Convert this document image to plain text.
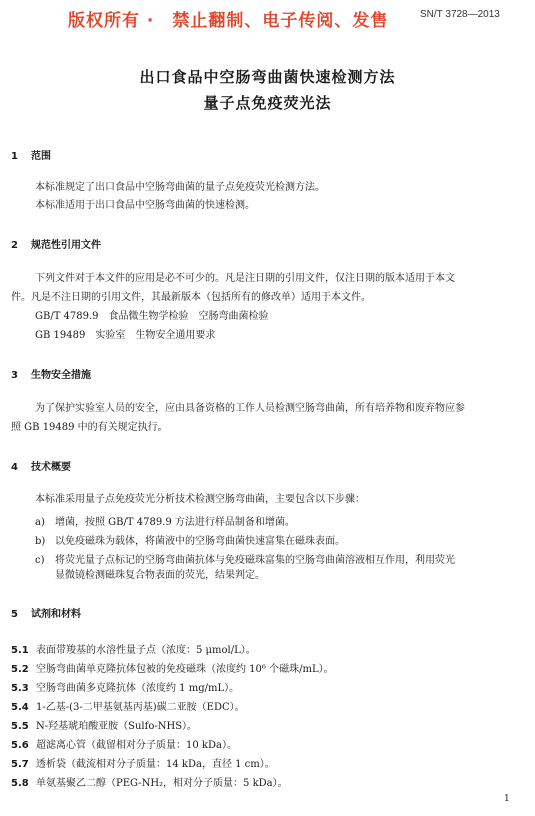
版权所有 ·　禁止翻制、电子传阅、发售	SN/T 3728—2013
出口食品中空肠弯曲菌快速检测方法
量子点免疫荧光法
1 范围
本标准规定了出口食品中空肠弯曲菌的量子点免疫荧光检测方法。
本标准适用于出口食品中空肠弯曲菌的快速检测。
2 规范性引用文件
下列文件对于本文件的应用是必不可少的。凡是注日期的引用文件，仅注日期的版本适用于本文
件。凡是不注日期的引用文件，其最新版本（包括所有的修改单）适用于本文件。
GB/T 4789.9　食品微生物学检验　空肠弯曲菌检验
GB 19489　实验室　生物安全通用要求
3 生物安全措施
为了保护实验室人员的安全，应由具备资格的工作人员检测空肠弯曲菌，所有培养物和废弃物应参
照 GB 19489 中的有关规定执行。
4 技术概要
本标准采用量子点免疫荧光分析技术检测空肠弯曲菌，主要包含以下步骤：
a) 增菌，按照 GB/T 4789.9 方法进行样品制备和增菌。
b) 以免疫磁珠为载体，将菌液中的空肠弯曲菌快速富集在磁珠表面。
c) 将荧光量子点标记的空肠弯曲菌抗体与免疫磁珠富集的空肠弯曲菌溶液相互作用，利用荧光
显微镜检测磁珠复合物表面的荧光，结果判定。
5 试剂和材料
5.1 表面带羧基的水溶性量子点（浓度：5 μmol/L）。
5.2 空肠弯曲菌单克隆抗体包被的免疫磁珠（浓度约 10⁶ 个磁珠/mL）。
5.3 空肠弯曲菌多克隆抗体（浓度约 1 mg/mL）。
5.4 1-乙基-(3-二甲基氨基丙基)碳二亚胺（EDC）。
5.5 N-羟基琥珀酸亚胺（Sulfo-NHS）。
5.6 超滤离心管（截留相对分子质量：10 kDa）。
5.7 透析袋（截流相对分子质量：14 kDa，直径 1 cm）。
5.8 单氨基聚乙二醇（PEG-NH₂，相对分子质量：5 kDa）。
1
